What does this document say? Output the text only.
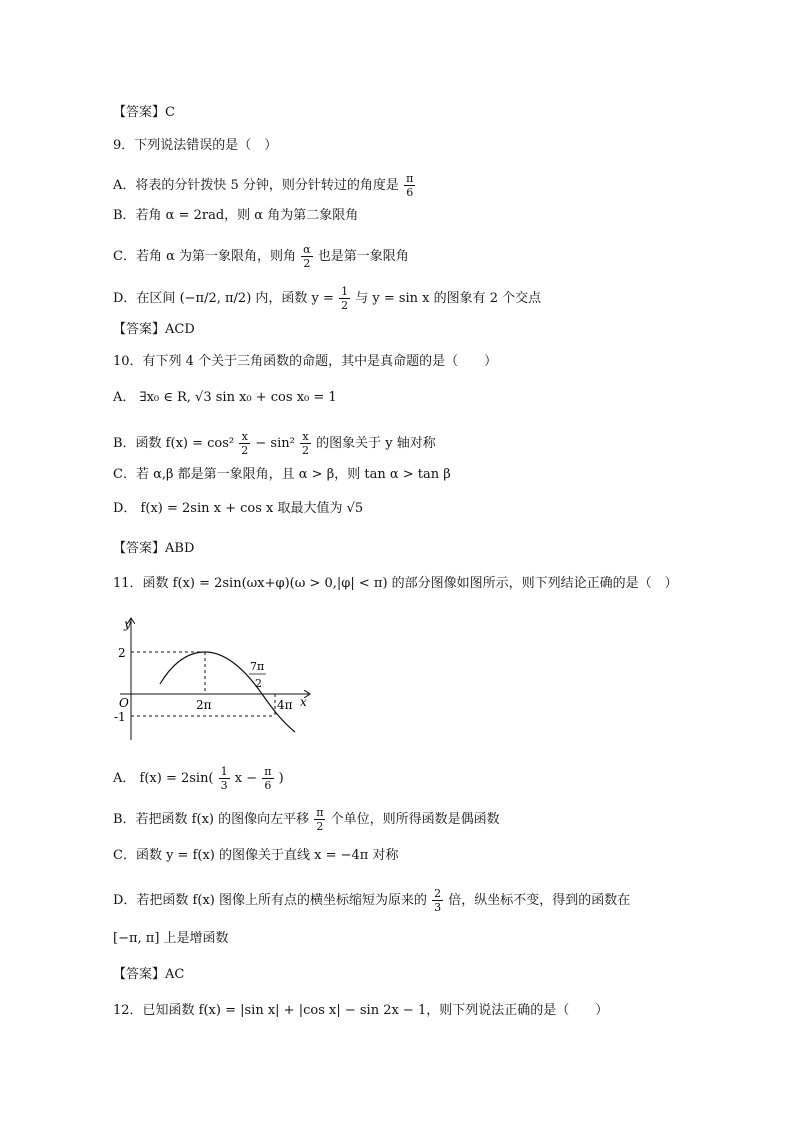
【答案】C
9．下列说法错误的是（　）
A．将表的分针拨快 5 分钟，则分针转过的角度是 $\frac{\pi}{6}$
B．若角 α = 2rad，则 α 角为第二象限角
C．若角 α 为第一象限角，则角 $\frac{\alpha}{2}$ 也是第一象限角
D．在区间 (−π/2, π/2) 内，函数 $y = \frac{1}{2}$ 与 y = sin x 的图象有 2 个交点
【答案】ACD
10．有下列 4 个关于三角函数的命题，其中是真命题的是（　　）
A． ∃x₀ ∈ R, √3 sin x₀ + cos x₀ = 1
B．函数 $f(x) = \cos^2 \frac{x}{2} - \sin^2 \frac{x}{2}$ 的图象关于 y 轴对称
C．若 α,β 都是第一象限角，且 α > β，则 tan α > tan β
D． f(x) = 2sin x + cos x 取最大值为 √5
【答案】ABD
11．函数 f(x) = 2sin(ωx+φ)(ω > 0,|φ| < π) 的部分图像如图所示，则下列结论正确的是（　）
y
x
O
2
-1
2π	4π
7π
2
A． $f(x) = 2\sin( \frac{1}{3}$ $x - \frac{\pi}{6}$ )
B．若把函数 f(x) 的图像向左平移 $\frac{\pi}{2}$ 个单位，则所得函数是偶函数
C．函数 y = f(x) 的图像关于直线 x = −4π 对称
D．若把函数 f(x) 图像上所有点的横坐标缩短为原来的 $\frac{2}{3}$ 倍，纵坐标不变，得到的函数在
[−π, π] 上是增函数
【答案】AC
12．已知函数 f(x) = |sin x| + |cos x| − sin 2x − 1，则下列说法正确的是（　　）
